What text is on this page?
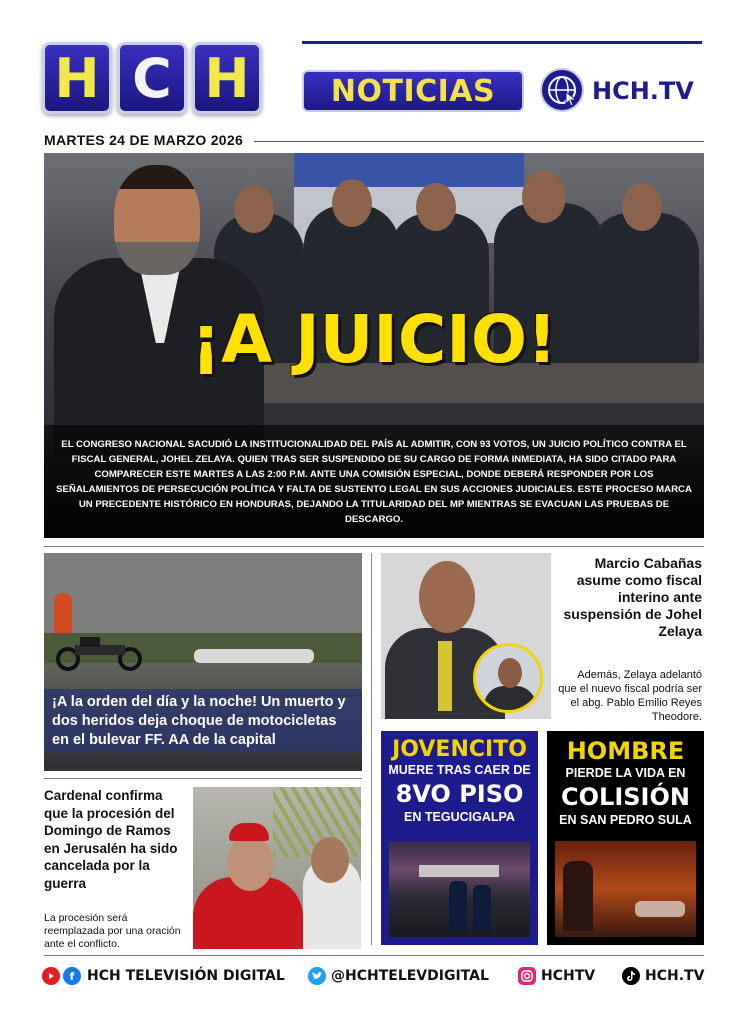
H C H	NOTICIAS	HCH.TV
MARTES 24 DE MARZO 2026
¡A JUICIO!

EL CONGRESO NACIONAL SACUDIÓ LA INSTITUCIONALIDAD DEL PAÍS AL ADMITIR, CON 93 VOTOS, UN JUICIO POLÍTICO CONTRA EL FISCAL GENERAL, JOHEL ZELAYA. QUIEN TRAS SER SUSPENDIDO DE SU CARGO DE FORMA INMEDIATA, HA SIDO CITADO PARA COMPARECER ESTE MARTES A LAS 2:00 P.M. ANTE UNA COMISIÓN ESPECIAL, DONDE DEBERÁ RESPONDER POR LOS SEÑALAMIENTOS DE PERSECUCIÓN POLÍTICA Y FALTA DE SUSTENTO LEGAL EN SUS ACCIONES JUDICIALES. ESTE PROCESO MARCA UN PRECEDENTE HISTÓRICO EN HONDURAS, DEJANDO LA TITULARIDAD DEL MP MIENTRAS SE EVACUAN LAS PRUEBAS DE DESCARGO.

¡A la orden del día y la noche! Un muerto y dos heridos deja choque de motocicletas en el bulevar FF. AA de la capital
Marcio Cabañas asume como fiscal interino ante suspensión de Johel Zelaya
Además, Zelaya adelantó que el nuevo fiscal podría ser el abg. Pablo Emilio Reyes Theodore.
JOVENCITO
MUERE TRAS CAER DE
8VO PISO
EN TEGUCIGALPA
HOMBRE
PIERDE LA VIDA EN
COLISIÓN
EN SAN PEDRO SULA
Cardenal confirma que la procesión del Domingo de Ramos en Jerusalén ha sido cancelada por la guerra
La procesión será reemplazada por una oración ante el conflicto.
f HCH TELEVISIÓN DIGITAL	@HCHTELEVDIGITAL	HCHTV	HCH.TV
